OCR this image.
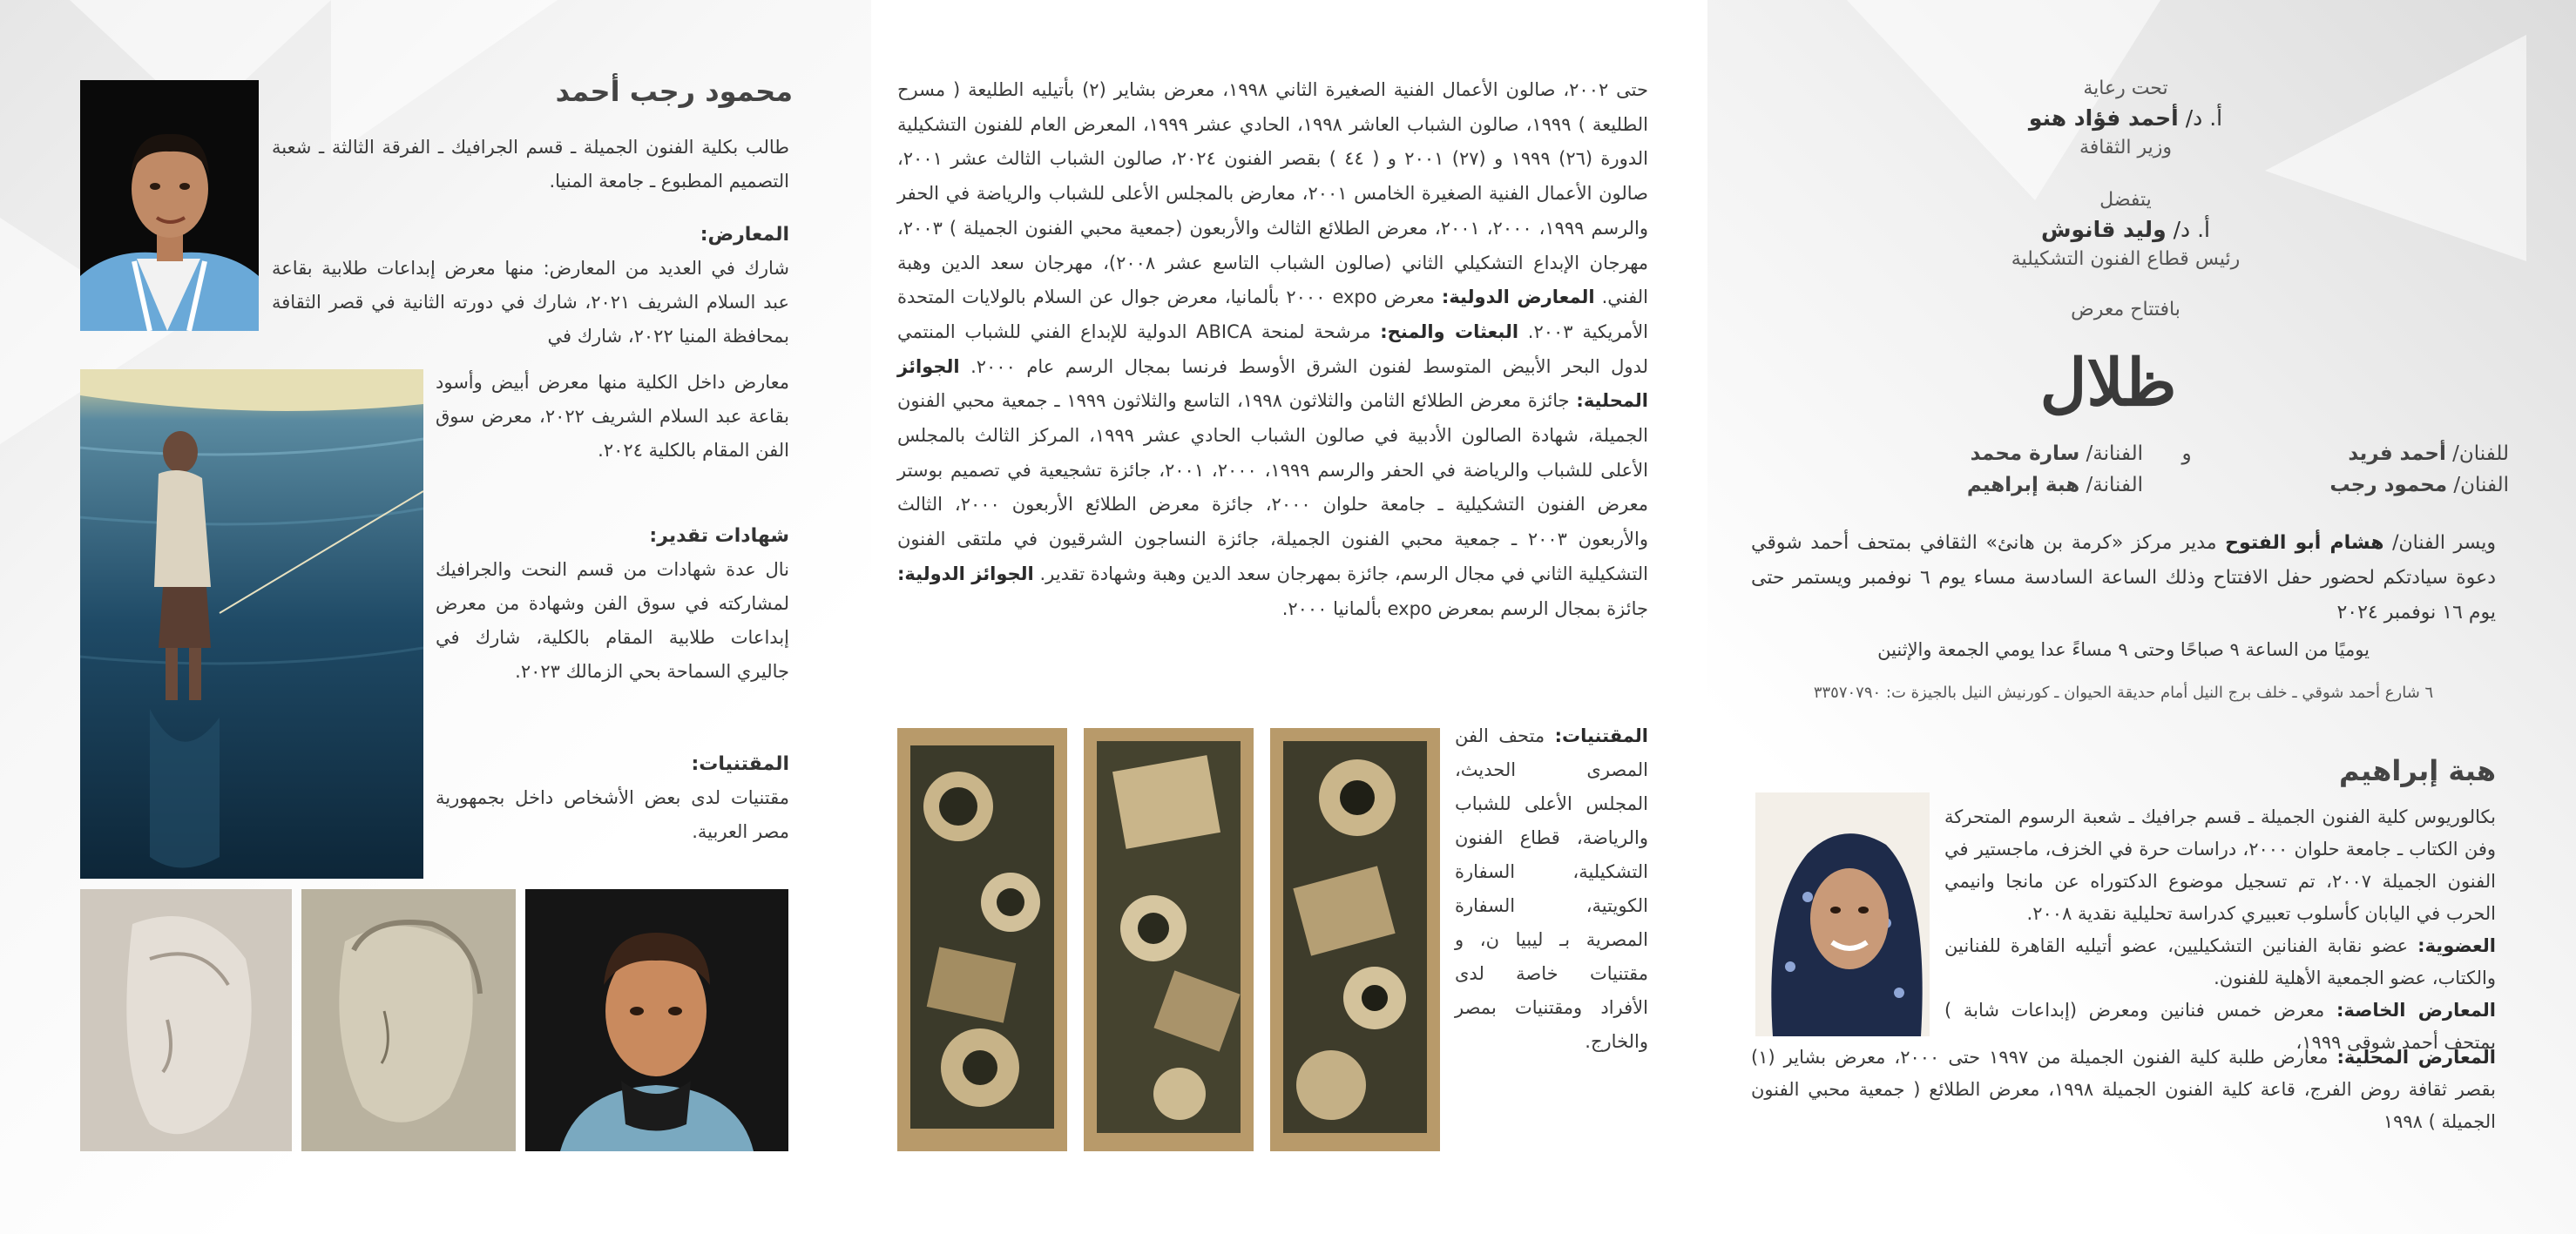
محمود رجب أحمد
طالب بكلية الفنون الجميلة ـ قسم الجرافيك ـ الفرقة الثالثة ـ شعبة التصميم المطبوع ـ جامعة المنيا.
المعارض:
شارك في العديد من المعارض: منها معرض إبداعات طلابية بقاعة عبد السلام الشريف ٢٠٢١، شارك في دورته الثانية في قصر الثقافة بمحافظة المنيا ٢٠٢٢، شارك في
معارض داخل الكلية منها معرض أبيض وأسود بقاعة عبد السلام الشريف ٢٠٢٢، معرض سوق الفن المقام بالكلية ٢٠٢٤.
شهادات تقدير:
نال عدة شهادات من قسم النحت والجرافيك لمشاركته في سوق الفن وشهادة من معرض إبداعات طلابية المقام بالكلية، شارك في جاليري السماحة بحي الزمالك ٢٠٢٣.
المقتنيات:
مقتنيات لدى بعض الأشخاص داخل بجمهورية مصر العربية.
حتى ٢٠٠٢، صالون الأعمال الفنية الصغيرة الثاني ١٩٩٨، معرض بشاير (٢) بأتيليه الطليعة ( مسرح الطليعة ) ١٩٩٩، صالون الشباب العاشر ١٩٩٨، الحادي عشر ١٩٩٩، المعرض العام للفنون التشكيلية الدورة (٢٦) ١٩٩٩ و (٢٧) ٢٠٠١ و ( ٤٤ ) بقصر الفنون ٢٠٢٤، صالون الشباب الثالث عشر ٢٠٠١، صالون الأعمال الفنية الصغيرة الخامس ٢٠٠١، معارض بالمجلس الأعلى للشباب والرياضة في الحفر والرسم ١٩٩٩، ٢٠٠٠، ٢٠٠١، معرض الطلائع الثالث والأربعون (جمعية محبي الفنون الجميلة ) ٢٠٠٣، مهرجان الإبداع التشكيلي الثاني (صالون الشباب التاسع عشر ٢٠٠٨)، مهرجان سعد الدين وهبة الفني. المعارض الدولية: معرض expo ٢٠٠٠ بألمانيا، معرض جوال عن السلام بالولايات المتحدة الأمريكية ٢٠٠٣. البعثات والمنح: مرشحة لمنحة ABICA الدولية للإبداع الفني للشباب المنتمي لدول البحر الأبيض المتوسط لفنون الشرق الأوسط فرنسا بمجال الرسم عام ٢٠٠٠. الجوائز المحلية: جائزة معرض الطلائع الثامن والثلاثون ١٩٩٨، التاسع والثلاثون ١٩٩٩ ـ جمعية محبي الفنون الجميلة، شهادة الصالون الأدبية في صالون الشباب الحادي عشر ١٩٩٩، المركز الثالث بالمجلس الأعلى للشباب والرياضة في الحفر والرسم ١٩٩٩، ٢٠٠٠، ٢٠٠١، جائزة تشجيعية في تصميم بوستر معرض الفنون التشكيلية ـ جامعة حلوان ٢٠٠٠، جائزة معرض الطلائع الأربعون ٢٠٠٠، الثالث والأربعون ٢٠٠٣ ـ جمعية محبي الفنون الجميلة، جائزة النساجون الشرقيون في ملتقى الفنون التشكيلية الثاني في مجال الرسم، جائزة بمهرجان سعد الدين وهبة وشهادة تقدير. الجوائز الدولية: جائزة بمجال الرسم بمعرض expo بألمانيا ٢٠٠٠.
المقتنيات: متحف الفن المصرى الحديث، المجلس الأعلى للشباب والرياضة، قطاع الفنون التشكيلية، السفارة الكويتية، السفارة المصرية بـ ليبيا ن، و مقتنيات خاصة لدى الأفراد ومقتنيات بمصر والخارج.
تحت رعاية
أ. د/ أحمد فؤاد هنو
وزير الثقافة
يتفضل
أ. د/ وليد قانوش
رئيس قطاع الفنون التشكيلية
بافتتاح معرض
ظلال
للفنان/ أحمد فريد
الفنان/ محمود رجب
و
الفنانة/ سارة محمد
الفنانة/ هبة إبراهيم
ويسر الفنان/ هشام أبو الفتوح مدير مركز «كرمة بن هانئ» الثقافي بمتحف أحمد شوقي دعوة سيادتكم لحضور حفل الافتتاح وذلك الساعة السادسة مساء يوم ٦ نوفمبر ويستمر حتى يوم ١٦ نوفمبر ٢٠٢٤
يوميًا من الساعة ٩ صباحًا وحتى ٩ مساءً عدا يومي الجمعة والإثنين
٦ شارع أحمد شوقي ـ خلف برج النيل أمام حديقة الحيوان ـ كورنيش النيل بالجيزة ت: ٣٣٥٧٠٧٩٠
هبة إبراهيم
بكالوريوس كلية الفنون الجميلة ـ قسم جرافيك ـ شعبة الرسوم المتحركة وفن الكتاب ـ جامعة حلوان ٢٠٠٠، دراسات حرة في الخزف، ماجستير في الفنون الجميلة ٢٠٠٧، تم تسجيل موضوع الدكتوراه عن مانجا وانيمي الحرب في اليابان كأسلوب تعبيري كدراسة تحليلية نقدية ٢٠٠٨.
العضوية: عضو نقابة الفنانين التشكيليين، عضو أتيليه القاهرة للفنانين والكتاب، عضو الجمعية الأهلية للفنون.
المعارض الخاصة: معرض خمس فنانين ومعرض (إبداعات شابة ) بمتحف أحمد شوقى ١٩٩٩،
المعارض المحلية: معارض طلبة كلية الفنون الجميلة من ١٩٩٧ حتى ٢٠٠٠، معرض بشاير (١) بقصر ثقافة روض الفرج، قاعة كلية الفنون الجميلة ١٩٩٨، معرض الطلائع ( جمعية محبي الفنون الجميلة ) ١٩٩٨
